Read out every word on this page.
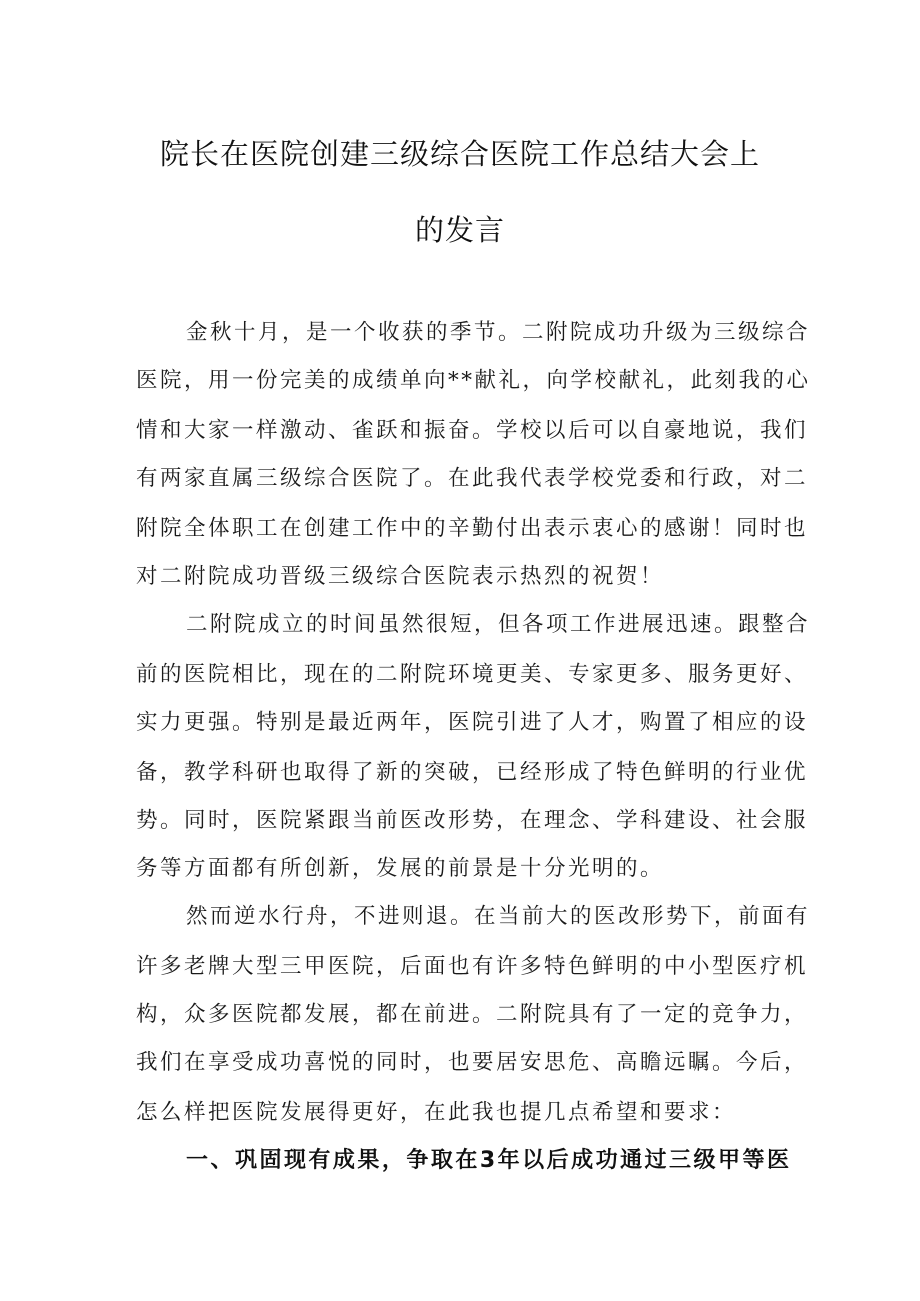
院长在医院创建三级综合医院工作总结大会上
的发言
金秋十月，是一个收获的季节。二附院成功升级为三级综合
医院，用一份完美的成绩单向**献礼，向学校献礼，此刻我的心
情和大家一样激动、雀跃和振奋。学校以后可以自豪地说，我们
有两家直属三级综合医院了。在此我代表学校党委和行政，对二
附院全体职工在创建工作中的辛勤付出表示衷心的感谢！同时也
对二附院成功晋级三级综合医院表示热烈的祝贺！
二附院成立的时间虽然很短，但各项工作进展迅速。跟整合
前的医院相比，现在的二附院环境更美、专家更多、服务更好、
实力更强。特别是最近两年，医院引进了人才，购置了相应的设
备，教学科研也取得了新的突破，已经形成了特色鲜明的行业优
势。同时，医院紧跟当前医改形势，在理念、学科建设、社会服
务等方面都有所创新，发展的前景是十分光明的。
然而逆水行舟，不进则退。在当前大的医改形势下，前面有
许多老牌大型三甲医院，后面也有许多特色鲜明的中小型医疗机
构，众多医院都发展，都在前进。二附院具有了一定的竞争力，
我们在享受成功喜悦的同时，也要居安思危、高瞻远瞩。今后，
怎么样把医院发展得更好，在此我也提几点希望和要求：
一、巩固现有成果，争取在3年以后成功通过三级甲等医
